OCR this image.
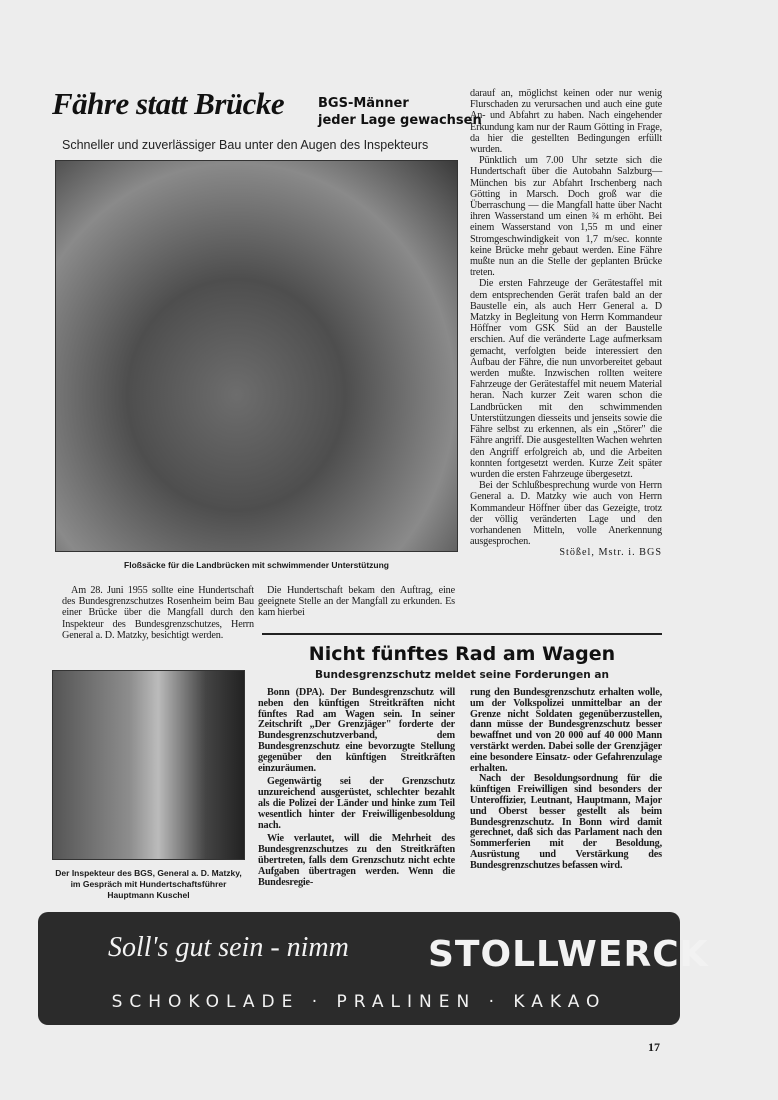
Fähre statt Brücke	BGS-Männer
jeder Lage gewachsen
Schneller und zuverlässiger Bau unter den Augen des Inspekteurs
Floßsäcke für die Landbrücken mit schwimmender Unterstützung

Am 28. Juni 1955 sollte eine Hundertschaft des Bundesgrenzschutzes Rosenheim beim Bau einer Brücke über die Mangfall durch den Inspekteur des Bundesgrenzschutzes, Herrn General a. D. Matzky, besichtigt werden.

Die Hundertschaft bekam den Auftrag, eine geeignete Stelle an der Mangfall zu erkunden. Es kam hierbei

darauf an, möglichst keinen oder nur wenig Flurschaden zu verursachen und auch eine gute An- und Abfahrt zu haben. Nach eingehender Erkundung kam nur der Raum Götting in Frage, da hier die gestellten Bedingungen erfüllt wurden.

Pünktlich um 7.00 Uhr setzte sich die Hundertschaft über die Autobahn Salzburg—München bis zur Abfahrt Irschenberg nach Götting in Marsch. Doch groß war die Überraschung — die Mangfall hatte über Nacht ihren Wasserstand um einen ¾ m erhöht. Bei einem Wasserstand von 1,55 m und einer Stromgeschwindigkeit von 1,7 m/sec. konnte keine Brücke mehr gebaut werden. Eine Fähre mußte nun an die Stelle der geplanten Brücke treten.

Die ersten Fahrzeuge der Gerätestaffel mit dem entsprechenden Gerät trafen bald an der Baustelle ein, als auch Herr General a. D Matzky in Begleitung von Herrn Kommandeur Höffner vom GSK Süd an der Baustelle erschien. Auf die veränderte Lage aufmerksam gemacht, verfolgten beide interessiert den Aufbau der Fähre, die nun unvorbereitet gebaut werden mußte. Inzwischen rollten weitere Fahrzeuge der Gerätestaffel mit neuem Material heran. Nach kurzer Zeit waren schon die Landbrücken mit den schwimmenden Unterstützungen diesseits und jenseits sowie die Fähre selbst zu erkennen, als ein „Störer" die Fähre angriff. Die ausgestellten Wachen wehrten den Angriff erfolgreich ab, und die Arbeiten konnten fortgesetzt werden. Kurze Zeit später wurden die ersten Fahrzeuge übergesetzt.

Bei der Schlußbesprechung wurde von Herrn General a. D. Matzky wie auch von Herrn Kommandeur Höffner über das Gezeigte, trotz der völlig veränderten Lage und den vorhandenen Mitteln, volle Anerkennung ausgesprochen.

Stößel, Mstr. i. BGS
Nicht fünftes Rad am Wagen
Bundesgrenzschutz meldet seine Forderungen an
Der Inspekteur des BGS, General a. D. Matzky, im Gespräch mit Hundertschaftsführer Hauptmann Kuschel

Bonn (DPA). Der Bundesgrenzschutz will neben den künftigen Streitkräften nicht fünftes Rad am Wagen sein. In seiner Zeitschrift „Der Grenzjäger" forderte der Bundesgrenzschutzverband, dem Bundesgrenzschutz eine bevorzugte Stellung gegenüber den künftigen Streitkräften einzuräumen.

Gegenwärtig sei der Grenzschutz unzureichend ausgerüstet, schlechter bezahlt als die Polizei der Länder und hinke zum Teil wesentlich hinter der Freiwilligenbesoldung nach.

Wie verlautet, will die Mehrheit des Bundesgrenzschutzes zu den Streitkräften übertreten, falls dem Grenzschutz nicht echte Aufgaben übertragen werden. Wenn die Bundesregie-

rung den Bundesgrenzschutz erhalten wolle, um der Volkspolizei unmittelbar an der Grenze nicht Soldaten gegenüberzustellen, dann müsse der Bundesgrenzschutz besser bewaffnet und von 20 000 auf 40 000 Mann verstärkt werden. Dabei solle der Grenzjäger eine besondere Einsatz- oder Gefahrenzulage erhalten.

Nach der Besoldungsordnung für die künftigen Freiwilligen sind besonders der Unteroffizier, Leutnant, Hauptmann, Major und Oberst besser gestellt als beim Bundesgrenzschutz. In Bonn wird damit gerechnet, daß sich das Parlament nach den Sommerferien mit der Besoldung, Ausrüstung und Verstärkung des Bundesgrenzschutzes befassen wird.

Soll's gut sein - nimm STOLLWERCK
SCHOKOLADE · PRALINEN · KAKAO
17
